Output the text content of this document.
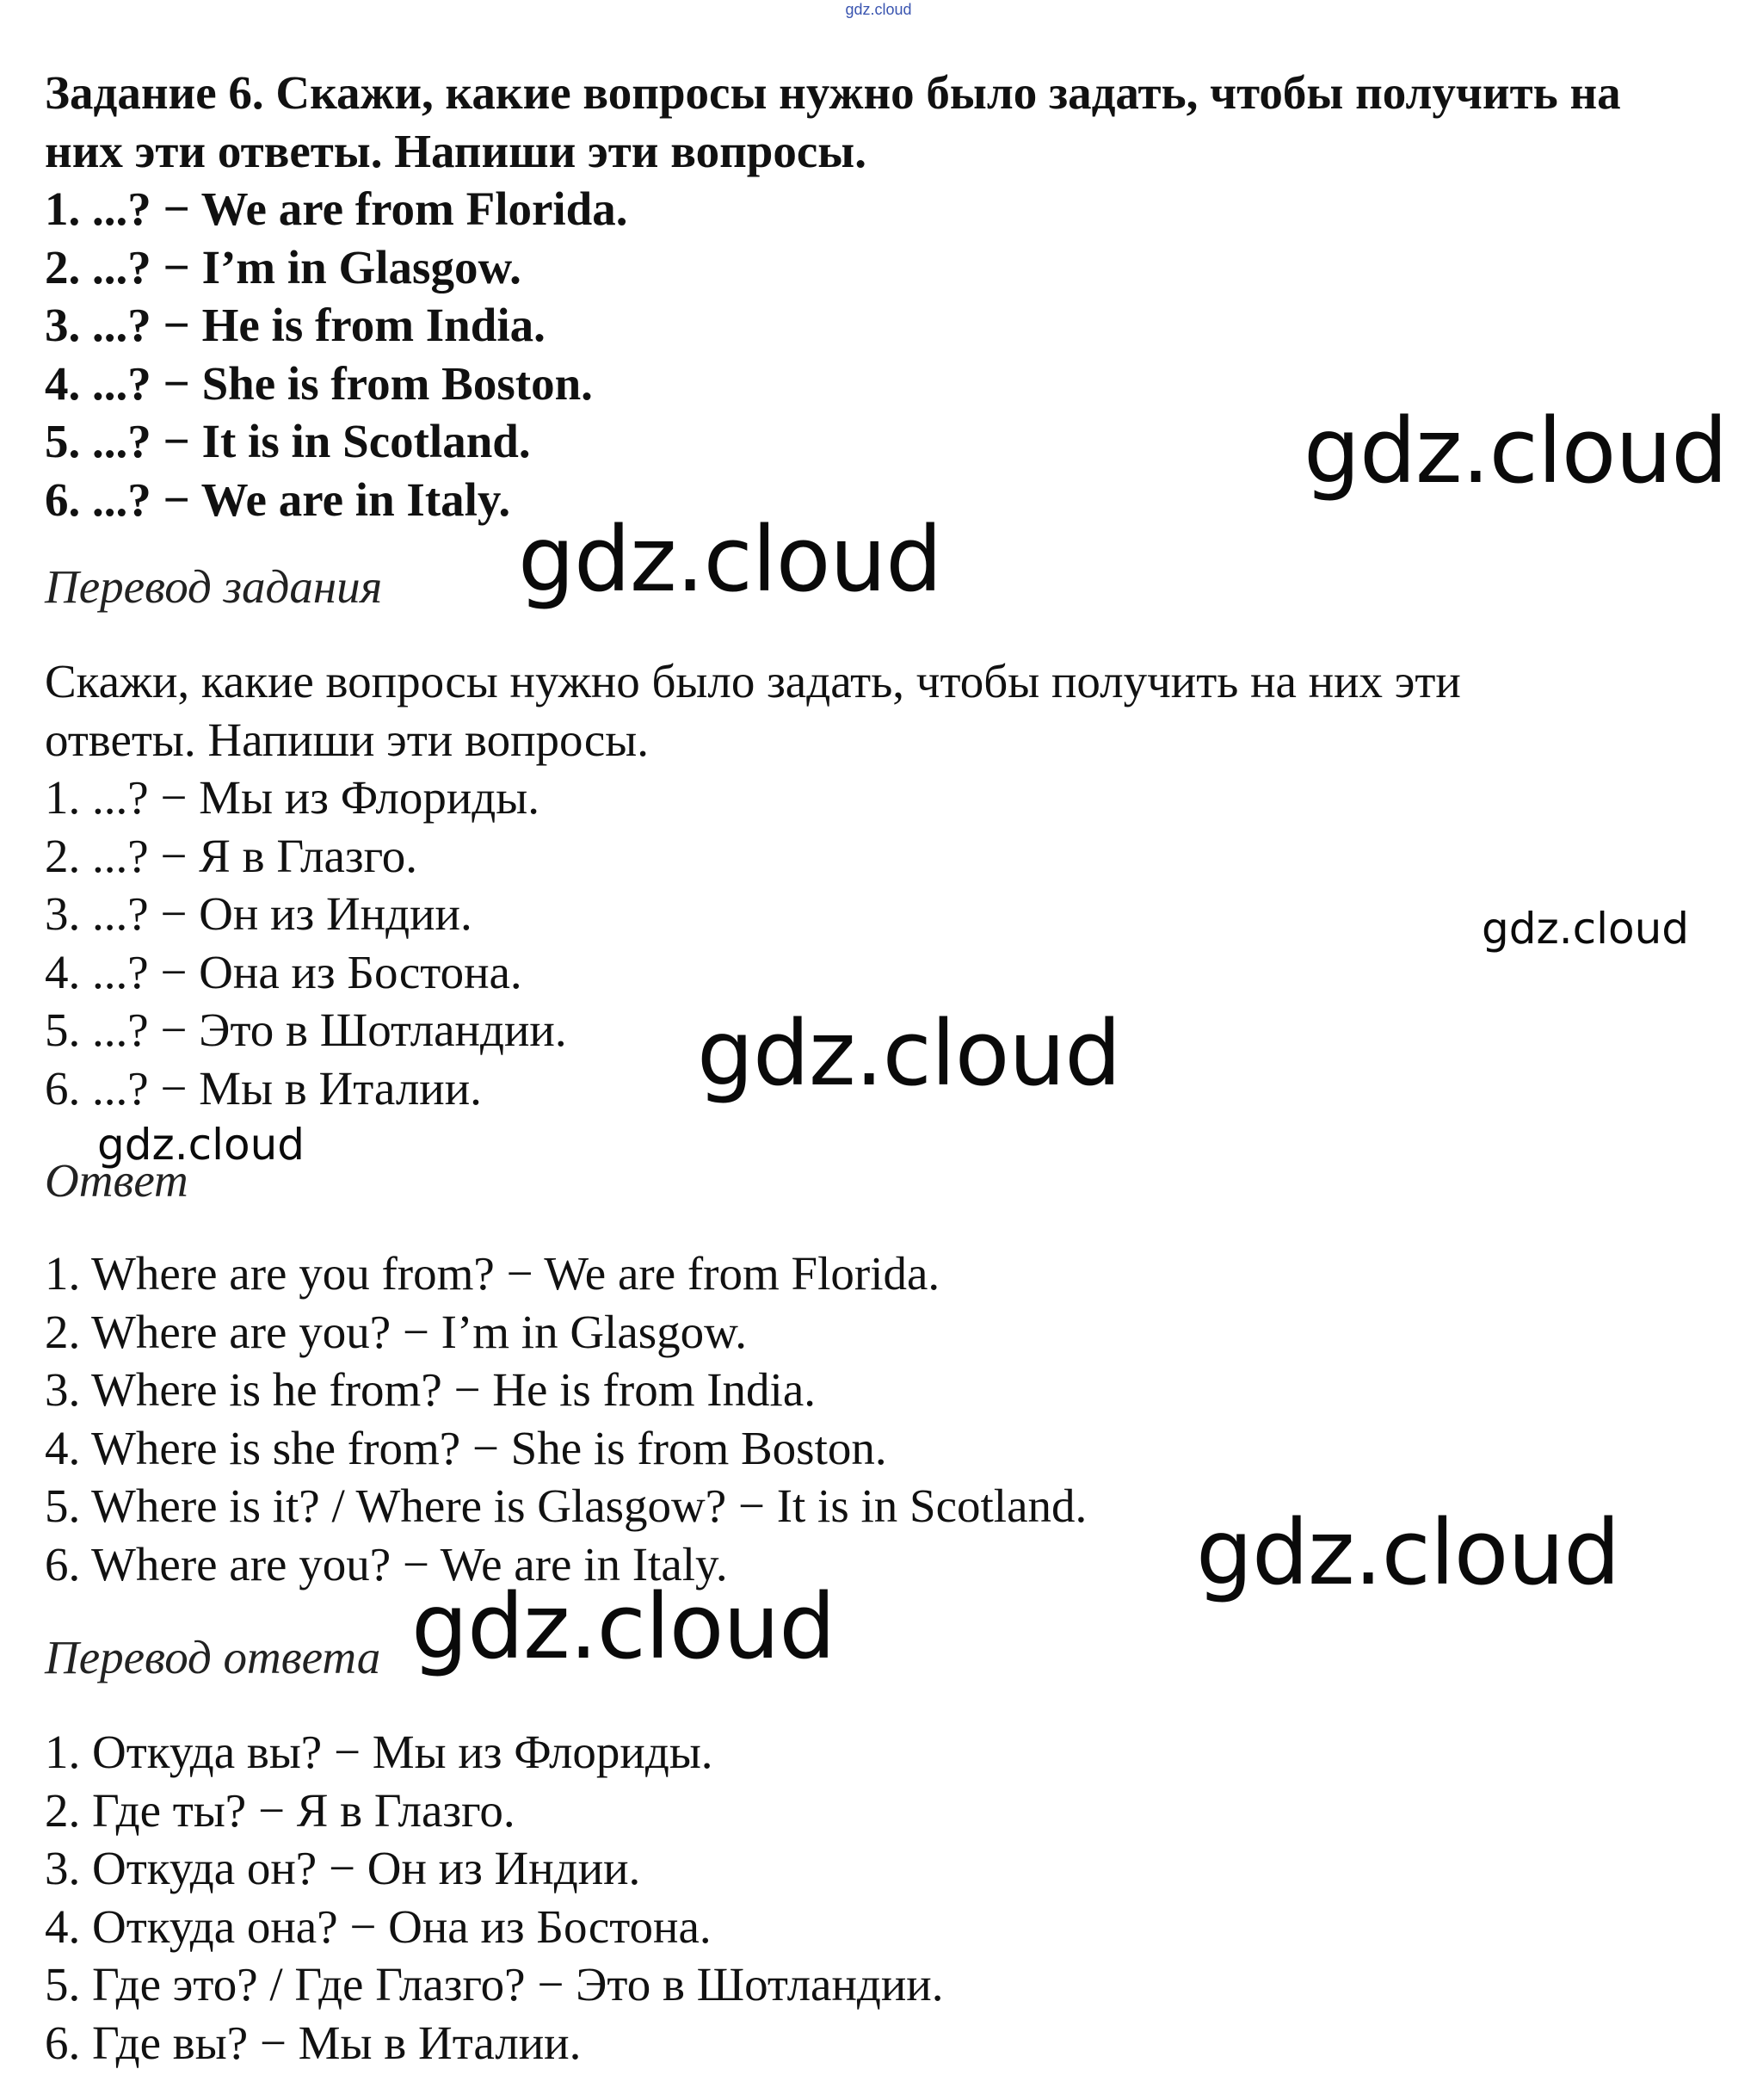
gdz.cloud

Задание 6. Скажи, какие вопросы нужно было задать, чтобы получить на

них эти ответы. Напиши эти вопросы.

1. ...? − We are from Florida.

2. ...? − I’m in Glasgow.

3. ...? − He is from India.

4. ...? − She is from Boston.

5. ...? − It is in Scotland.

6. ...? − We are in Italy.

Перевод задания

Скажи, какие вопросы нужно было задать, чтобы получить на них эти

ответы. Напиши эти вопросы.

1. ...? − Мы из Флориды.

2. ...? − Я в Глазго.

3. ...? − Он из Индии.

4. ...? − Она из Бостона.

5. ...? − Это в Шотландии.

6. ...? − Мы в Италии.

Ответ

1. Where are you from? − We are from Florida.

2. Where are you? − I’m in Glasgow.

3. Where is he from? − He is from India.

4. Where is she from? − She is from Boston.

5. Where is it? / Where is Glasgow? − It is in Scotland.

6. Where are you? − We are in Italy.

Перевод ответа

1. Откуда вы? − Мы из Флориды.

2. Где ты? − Я в Глазго.

3. Откуда он? − Он из Индии.

4. Откуда она? − Она из Бостона.

5. Где это? / Где Глазго? − Это в Шотландии.

6. Где вы? − Мы в Италии.

gdz.cloud
gdz.cloud
gdz.cloud
gdz.cloud
gdz.cloud
gdz.cloud
gdz.cloud
